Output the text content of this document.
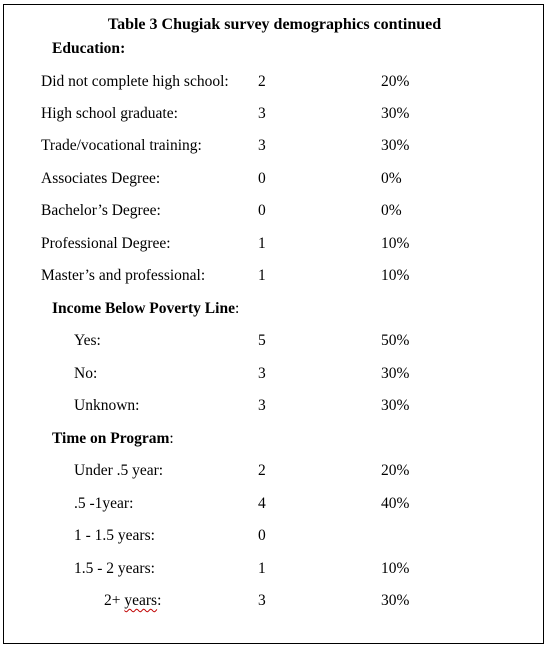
Table 3 Chugiak survey demographics continued
Education:
Did not complete high school: 2	20%
High school graduate:	3	30%
Trade/vocational training:	3	30%
Associates Degree:	0	0%
Bachelor’s Degree:	0	0%
Professional Degree:	1	10%
Master’s and professional:	1	10%
Income Below Poverty Line:
Yes:	5	50%
No:	3	30%
Unknown:	3	30%
Time on Program:
Under .5 year:	2	20%
.5 -1year:	4	40%
1 - 1.5 years:	0
1.5 - 2 years:	1	10%
2+ years:	3	30%
